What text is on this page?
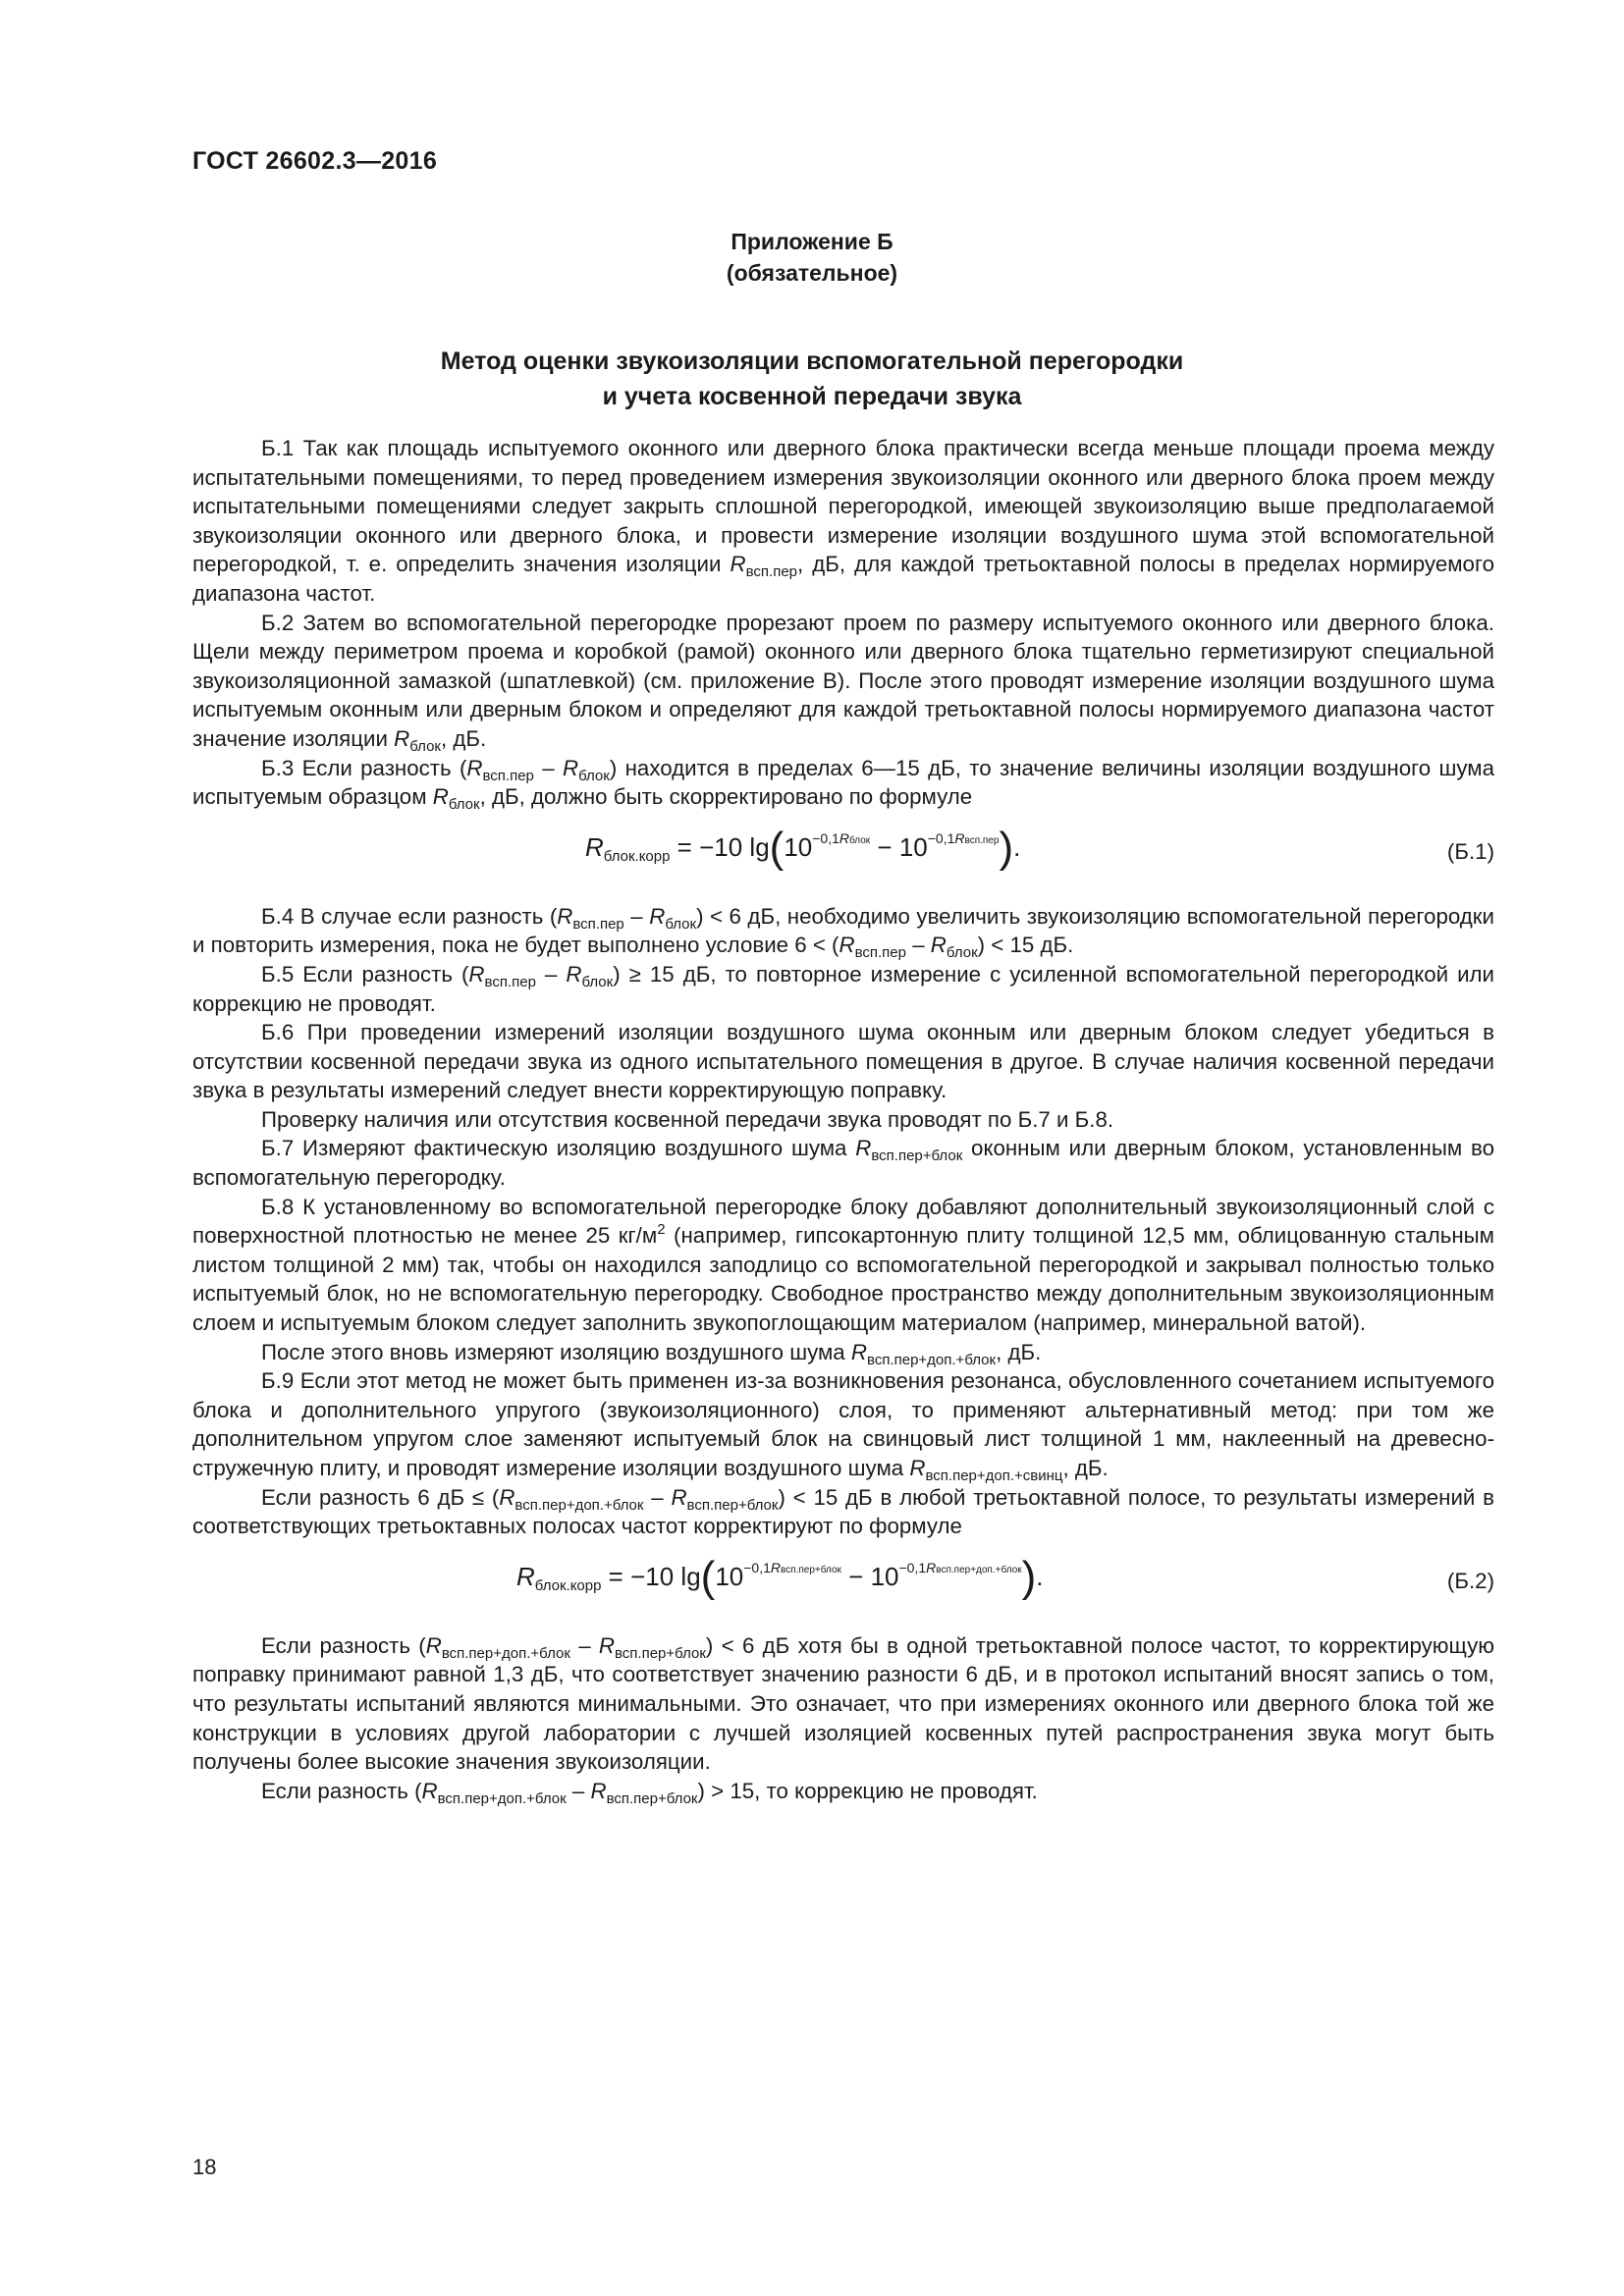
ГОСТ 26602.3—2016
Приложение Б
(обязательное)
Метод оценки звукоизоляции вспомогательной перегородки
и учета косвенной передачи звука

Б.1 Так как площадь испытуемого оконного или дверного блока практически всегда меньше площади проема между испытательными помещениями, то перед проведением измерения звукоизоляции оконного или дверного блока проем между испытательными помещениями следует закрыть сплошной перегородкой, имеющей звукоизоляцию выше предполагаемой звукоизоляции оконного или дверного блока, и провести измерение изоляции воздушного шума этой вспомогательной перегородкой, т. е. определить значения изоляции $R_{всп.пер}$, дБ, для каждой третьоктавной полосы в пределах нормируемого диапазона частот.

Б.2 Затем во вспомогательной перегородке прорезают проем по размеру испытуемого оконного или дверного блока. Щели между периметром проема и коробкой (рамой) оконного или дверного блока тщательно герметизируют специальной звукоизоляционной замазкой (шпатлевкой) (см. приложение В). После этого проводят измерение изоляции воздушного шума испытуемым оконным или дверным блоком и определяют для каждой третьоктавной полосы нормируемого диапазона частот значение изоляции $R_{блок}$, дБ.

Б.3 Если разность $(R_{всп.пер} - R_{блок})$ находится в пределах 6—15 дБ, то значение величины изоляции воздушного шума испытуемым образцом $R_{блок}$, дБ, должно быть скорректировано по формуле

$R_{блок.корр} = -10$ $\lg(10^{-0,1Rблок} - 10^{-0,1Rвсп.пер})$.	(Б.1)

Б.4 В случае если разность $(R_{всп.пер} - R_{блок}) < 6$ дБ, необходимо увеличить звукоизоляцию вспомогательной перегородки и повторить измерения, пока не будет выполнено условие $6 < (R_{всп.пер} - R_{блок}) < 15$ дБ.

Б.5 Если разность $(R_{всп.пер} - R_{блок}) \ge 15$ дБ, то повторное измерение с усиленной вспомогательной перегородкой или коррекцию не проводят.

Б.6 При проведении измерений изоляции воздушного шума оконным или дверным блоком следует убедиться в отсутствии косвенной передачи звука из одного испытательного помещения в другое. В случае наличия косвенной передачи звука в результаты измерений следует внести корректирующую поправку.

Проверку наличия или отсутствия косвенной передачи звука проводят по Б.7 и Б.8.

Б.7 Измеряют фактическую изоляцию воздушного шума $R_{всп.пер+блок}$ оконным или дверным блоком, установленным во вспомогательную перегородку.

Б.8 К установленному во вспомогательной перегородке блоку добавляют дополнительный звукоизоляционный слой с поверхностной плотностью не менее 25 $кг/м^2$ (например, гипсокартонную плиту толщиной 12,5 мм, облицованную стальным листом толщиной 2 мм) так, чтобы он находился заподлицо со вспомогательной перегородкой и закрывал полностью только испытуемый блок, но не вспомогательную перегородку. Свободное пространство между дополнительным звукоизоляционным слоем и испытуемым блоком следует заполнить звукопоглощающим материалом (например, минеральной ватой).

После этого вновь измеряют изоляцию воздушного шума $R_{всп.пер+доп.+блок}$, дБ.

Б.9 Если этот метод не может быть применен из-за возникновения резонанса, обусловленного сочетанием испытуемого блока и дополнительного упругого (звукоизоляционного) слоя, то применяют альтернативный метод: при том же дополнительном упругом слое заменяют испытуемый блок на свинцовый лист толщиной 1 мм, наклеенный на древесно-стружечную плиту, и проводят измерение изоляции воздушного шума $R_{всп.пер+доп.+свинц}$, дБ.

Если разность 6 дБ ≤ $(R_{всп.пер+доп.+блок} - R_{всп.пер+блок}) < 15$ дБ в любой третьоктавной полосе, то результаты измерений в соответствующих третьоктавных полосах частот корректируют по формуле

$R_{блок.корр} = -10$ $\lg(10^{-0,1Rвсп.пер+блок} - 10^{-0,1Rвсп.пер+доп.+блок})$.	(Б.2)

Если разность $(R_{всп.пер+доп.+блок} - R_{всп.пер+блок}) < 6$ дБ хотя бы в одной третьоктавной полосе частот, то корректирующую поправку принимают равной 1,3 дБ, что соответствует значению разности 6 дБ, и в протокол испытаний вносят запись о том, что результаты испытаний являются минимальными. Это означает, что при измерениях оконного или дверного блока той же конструкции в условиях другой лаборатории с лучшей изоляцией косвенных путей распространения звука могут быть получены более высокие значения звукоизоляции.

Если разность $(R_{всп.пер+доп.+блок} - R_{всп.пер+блок}) > 15$, то коррекцию не проводят.

18
